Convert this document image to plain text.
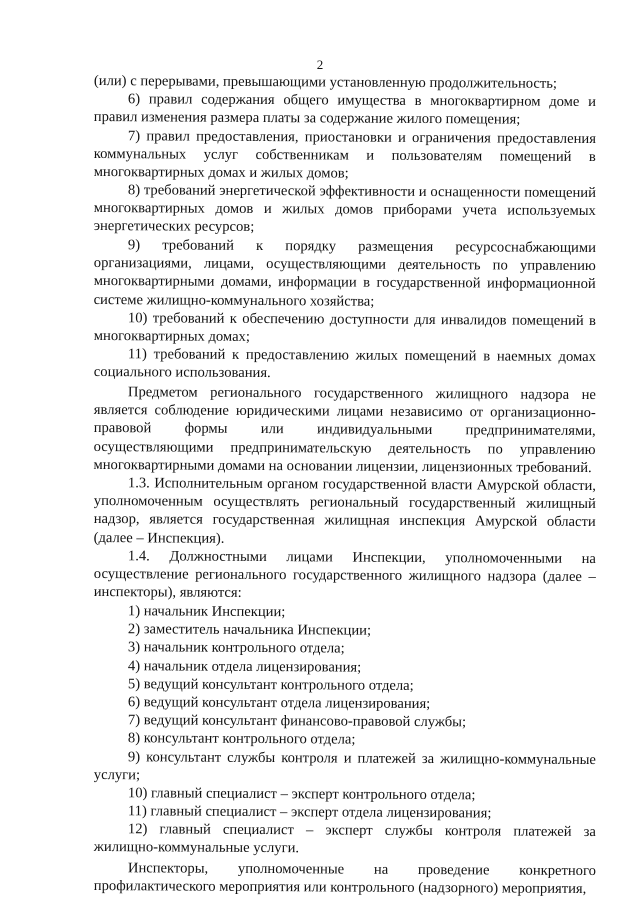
2

(или) с перерывами, превышающими установленную продолжительность;

6) правил содержания общего имущества в многоквартирном доме и правил изменения размера платы за содержание жилого помещения;

7) правил предоставления, приостановки и ограничения предоставления коммунальных услуг собственникам и пользователям помещений в многоквартирных домах и жилых домов;

8) требований энергетической эффективности и оснащенности помещений многоквартирных домов и жилых домов приборами учета используемых энергетических ресурсов;

9) требований к порядку размещения ресурсоснабжающими организациями, лицами, осуществляющими деятельность по управлению многоквартирными домами, информации в государственной информационной системе жилищно-коммунального хозяйства;

10) требований к обеспечению доступности для инвалидов помещений в многоквартирных домах;

11) требований к предоставлению жилых помещений в наемных домах социального использования.

Предметом регионального государственного жилищного надзора не является соблюдение юридическими лицами независимо от организационно-правовой формы или индивидуальными предпринимателями, осуществляющими предпринимательскую деятельность по управлению многоквартирными домами на основании лицензии, лицензионных требований.

1.3. Исполнительным органом государственной власти Амурской области, уполномоченным осуществлять региональный государственный жилищный надзор, является государственная жилищная инспекция Амурской области (далее – Инспекция).

1.4. Должностными лицами Инспекции, уполномоченными на осуществление регионального государственного жилищного надзора (далее – инспекторы), являются:

1) начальник Инспекции;

2) заместитель начальника Инспекции;

3) начальник контрольного отдела;

4) начальник отдела лицензирования;

5) ведущий консультант контрольного отдела;

6) ведущий консультант отдела лицензирования;

7) ведущий консультант финансово-правовой службы;

8) консультант контрольного отдела;

9) консультант службы контроля и платежей за жилищно-коммунальные услуги;

10) главный специалист – эксперт контрольного отдела;

11) главный специалист – эксперт отдела лицензирования;

12) главный специалист – эксперт службы контроля платежей за жилищно-коммунальные услуги.

Инспекторы, уполномоченные на проведение конкретного профилактического мероприятия или контрольного (надзорного) мероприятия,
